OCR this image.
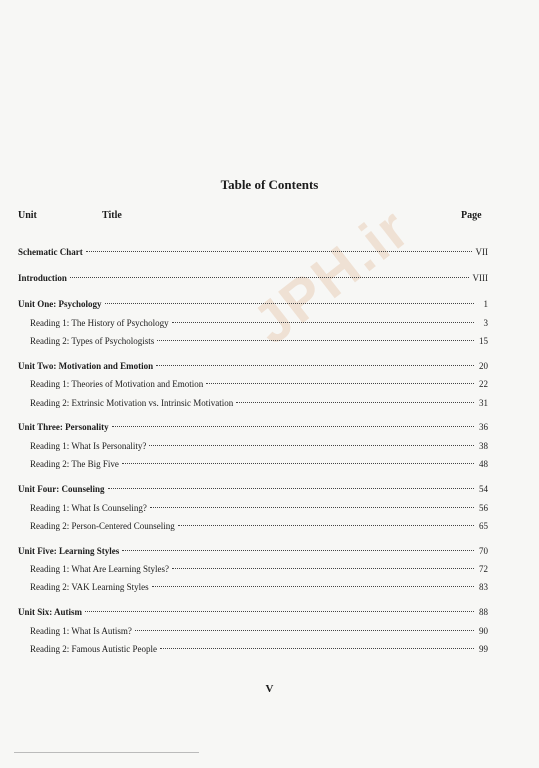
JPH.ir
Table of Contents
Unit	Title	Page
Schematic Chart	VII
Introduction	VIII
Unit One: Psychology	1
Reading 1: The History of Psychology	3
Reading 2: Types of Psychologists	15
Unit Two: Motivation and Emotion	20
Reading 1: Theories of Motivation and Emotion	22
Reading 2: Extrinsic Motivation vs. Intrinsic Motivation	31
Unit Three: Personality	36
Reading 1: What Is Personality?	38
Reading 2: The Big Five	48
Unit Four: Counseling	54
Reading 1: What Is Counseling?	56
Reading 2: Person-Centered Counseling	65
Unit Five: Learning Styles	70
Reading 1: What Are Learning Styles?	72
Reading 2: VAK Learning Styles	83
Unit Six: Autism	88
Reading 1: What Is Autism?	90
Reading 2: Famous Autistic People	99
V
